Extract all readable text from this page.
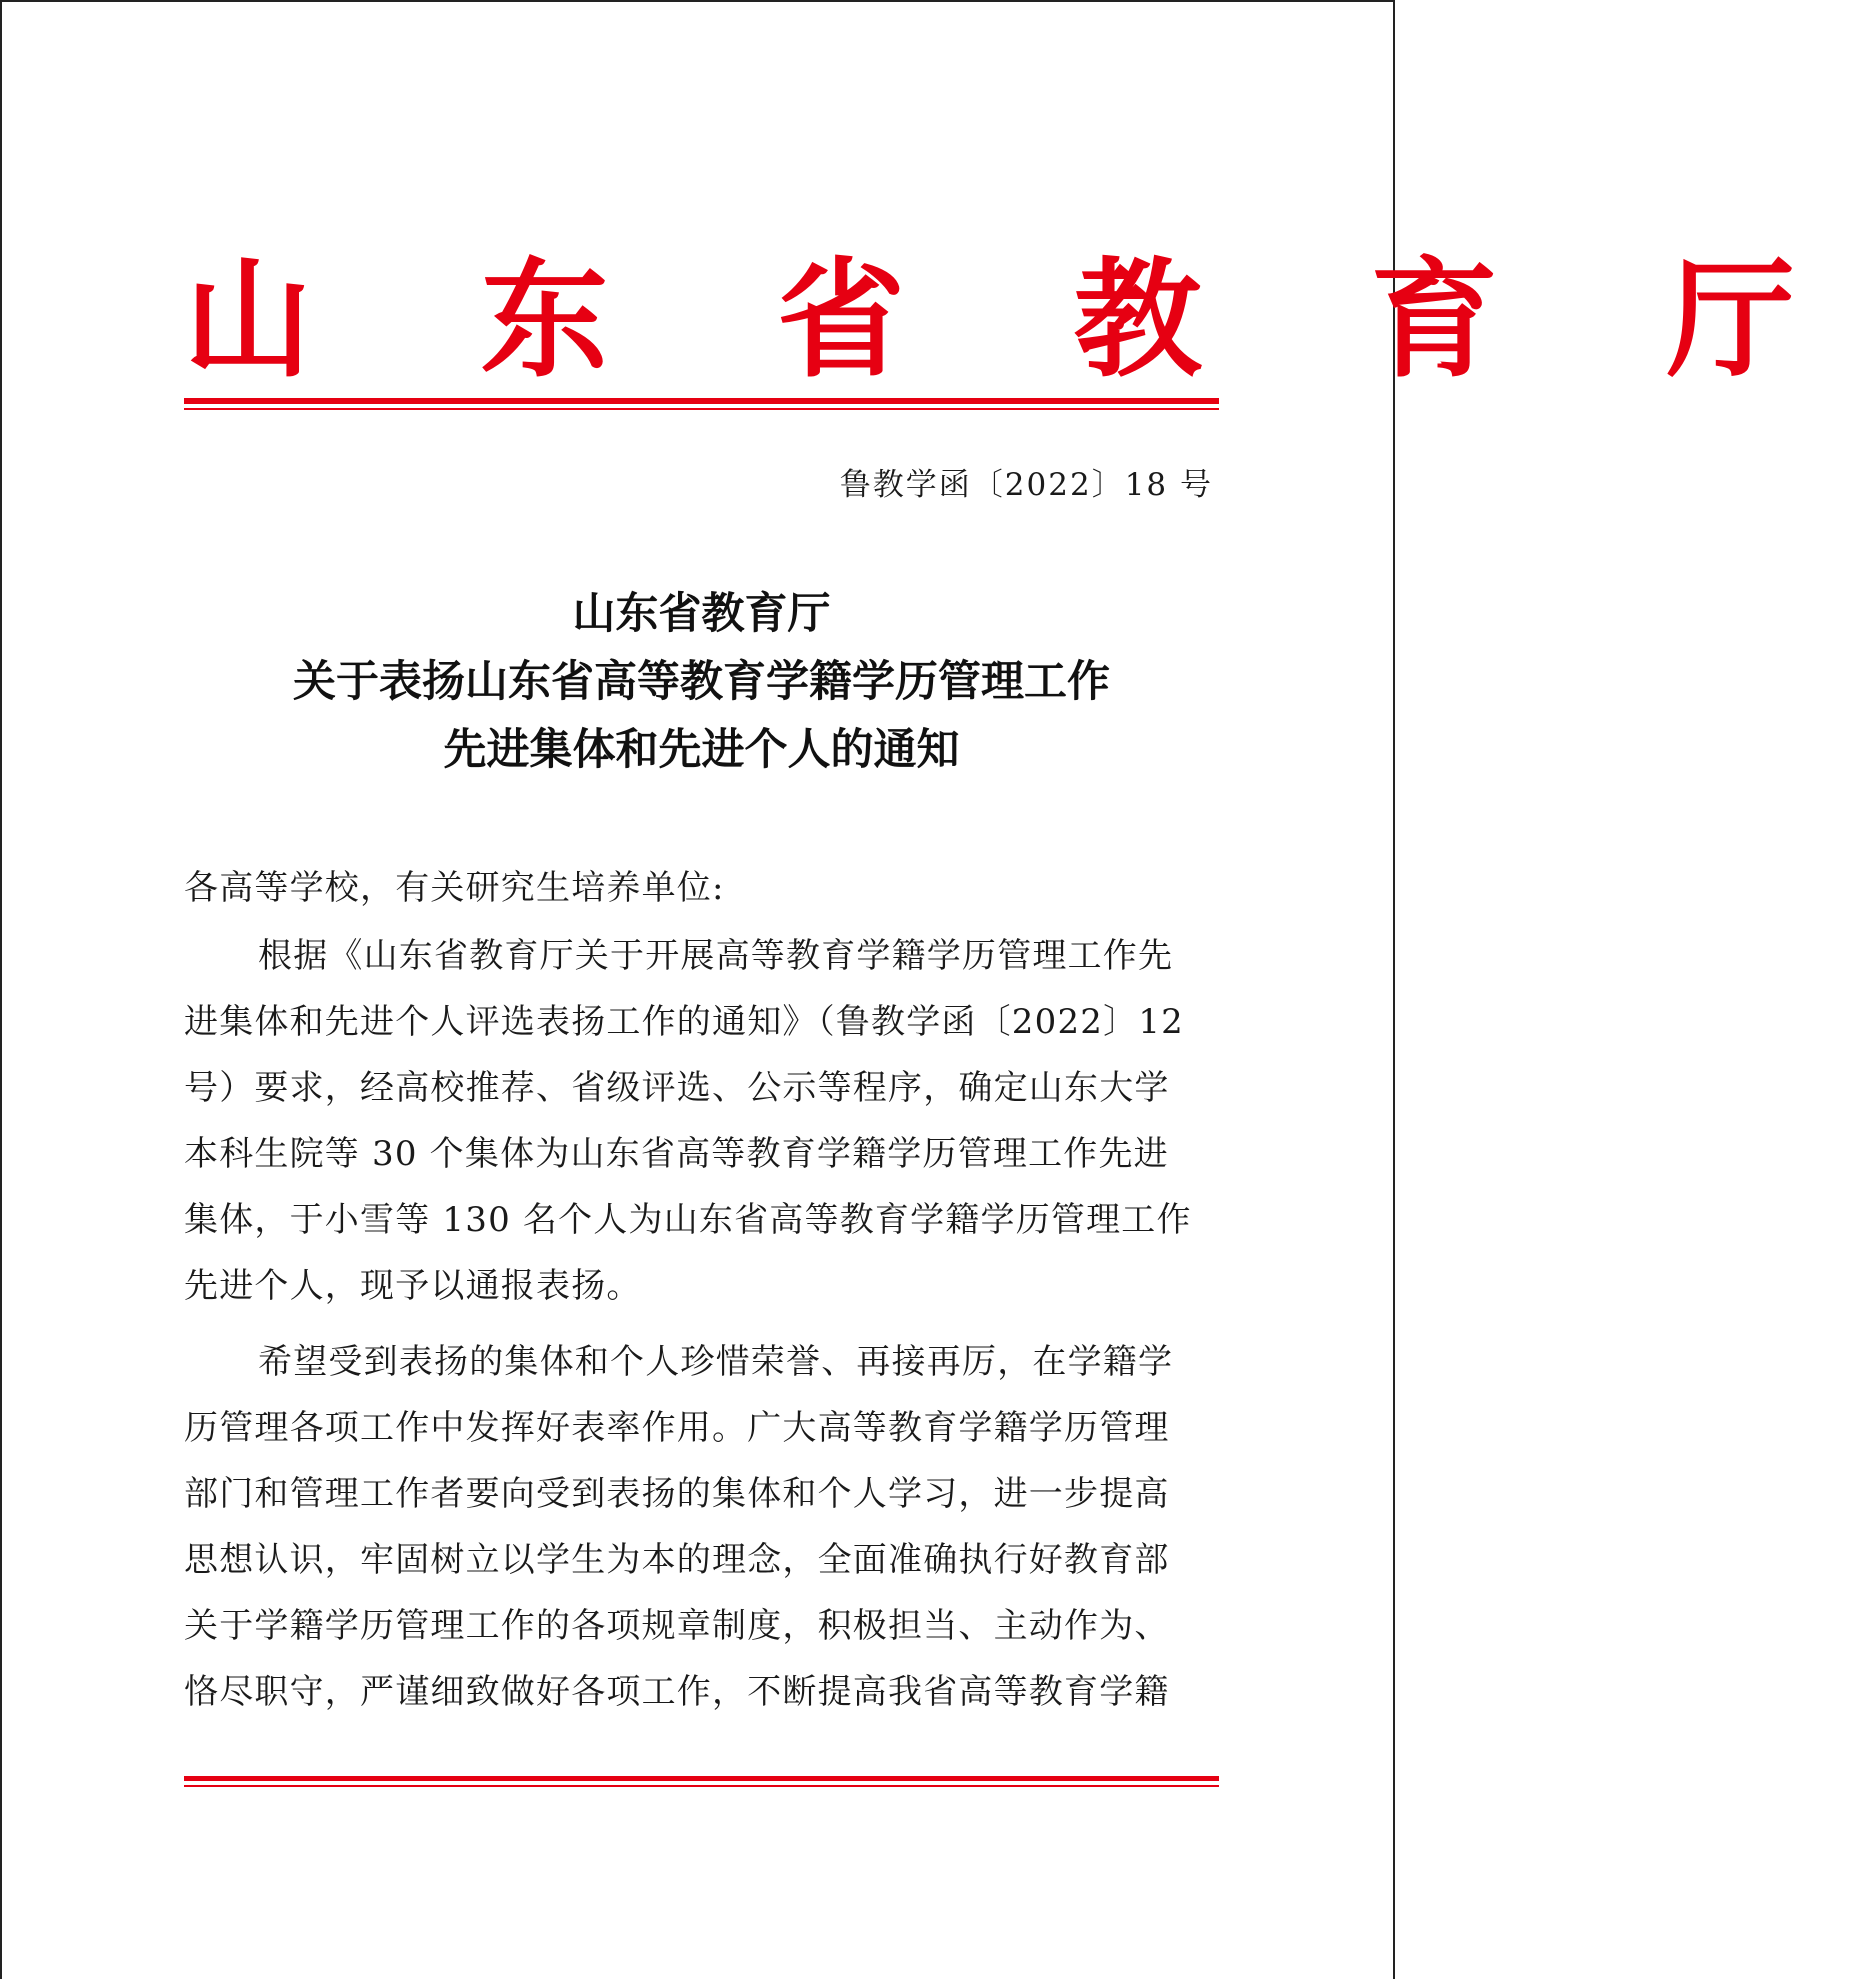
山 东 省 教 育 厅
鲁教学函〔2022〕18 号
山东省教育厅
关于表扬山东省高等教育学籍学历管理工作
先进集体和先进个人的通知
各高等学校，有关研究生培养单位:
根据《山东省教育厅关于开展高等教育学籍学历管理工作先
进集体和先进个人评选表扬工作的通知》（鲁教学函〔2022〕12
号）要求，经高校推荐、省级评选、公示等程序，确定山东大学
本科生院等 30 个集体为山东省高等教育学籍学历管理工作先进
集体，于小雪等 130 名个人为山东省高等教育学籍学历管理工作
先进个人，现予以通报表扬。
希望受到表扬的集体和个人珍惜荣誉、再接再厉，在学籍学
历管理各项工作中发挥好表率作用。广大高等教育学籍学历管理
部门和管理工作者要向受到表扬的集体和个人学习，进一步提高
思想认识，牢固树立以学生为本的理念，全面准确执行好教育部
关于学籍学历管理工作的各项规章制度，积极担当、主动作为、
恪尽职守，严谨细致做好各项工作，不断提高我省高等教育学籍
